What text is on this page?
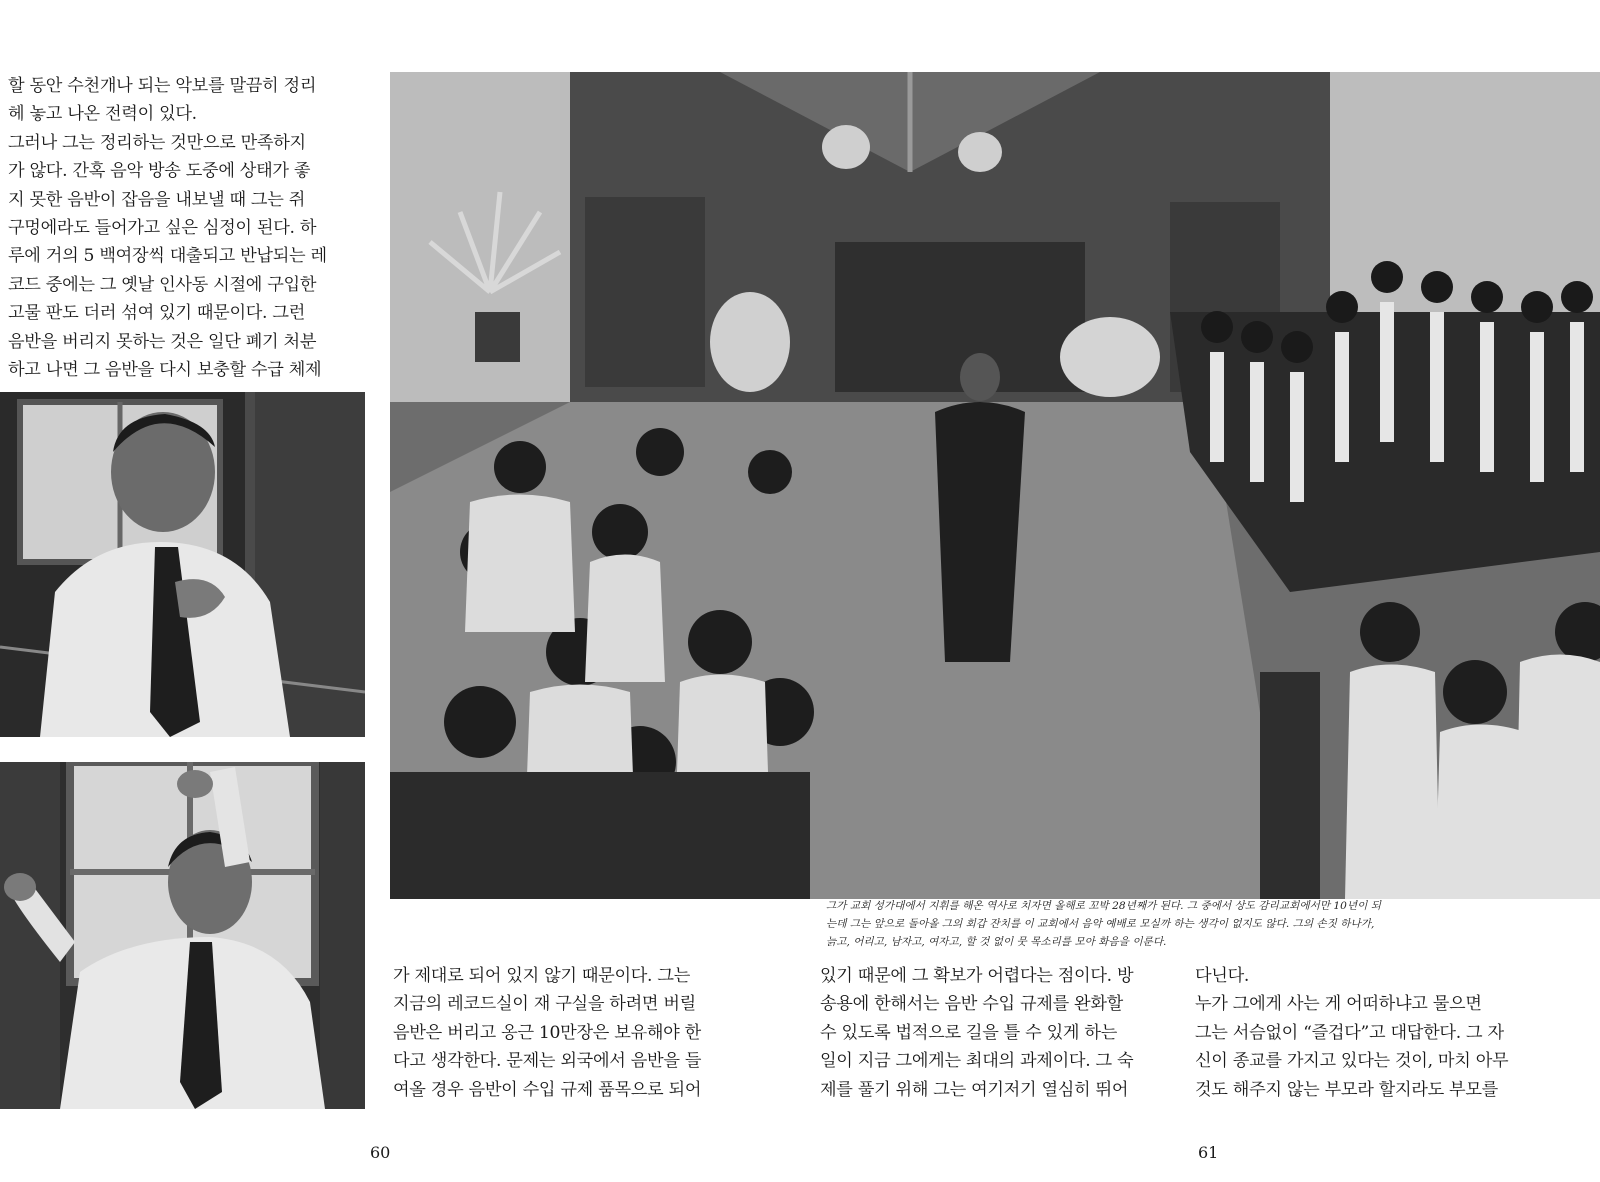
할 동안 수천개나 되는 악보를 말끔히 정리

헤 놓고 나온 전력이 있다.

그러나 그는 정리하는 것만으로 만족하지

가 않다. 간혹 음악 방송 도중에 상태가 좋

지 못한 음반이 잡음을 내보낼 때 그는 쥐

구멍에라도 들어가고 싶은 심정이 된다. 하

루에 거의 5 백여장씩 대출되고 반납되는 레

코드 중에는 그 옛날 인사동 시절에 구입한

고물 판도 더러 섞여 있기 때문이다. 그런

음반을 버리지 못하는 것은 일단 폐기 처분

하고 나면 그 음반을 다시 보충할 수급 체제

그가 교회 성가대에서 지휘를 해온 역사로 치자면 올해로 꼬박 28년째가 된다. 그 중에서 상도 감리교회에서만 10년이 되

는데 그는 앞으로 돌아올 그의 회갑 잔치를 이 교회에서 음악 예배로 모실까 하는 생각이 없지도 않다. 그의 손짓 하나가,

늙고, 어리고, 남자고, 여자고, 할 것 없이 뭇 목소리를 모아 화음을 이룬다.

가 제대로 되어 있지 않기 때문이다. 그는

지금의 레코드실이 재 구실을 하려면 버릴

음반은 버리고 옹근 10만장은 보유해야 한

다고 생각한다. 문제는 외국에서 음반을 들

여올 경우 음반이 수입 규제 품목으로 되어

있기 때문에 그 확보가 어렵다는 점이다. 방

송용에 한해서는 음반 수입 규제를 완화할

수 있도록 법적으로 길을 틀 수 있게 하는

일이 지금 그에게는 최대의 과제이다. 그 숙

제를 풀기 위해 그는 여기저기 열심히 뛰어

다닌다.

누가 그에게 사는 게 어떠하냐고 물으면

그는 서슴없이 “즐겁다”고 대답한다. 그 자

신이 종교를 가지고 있다는 것이, 마치 아무

것도 해주지 않는 부모라 할지라도 부모를

60	61
